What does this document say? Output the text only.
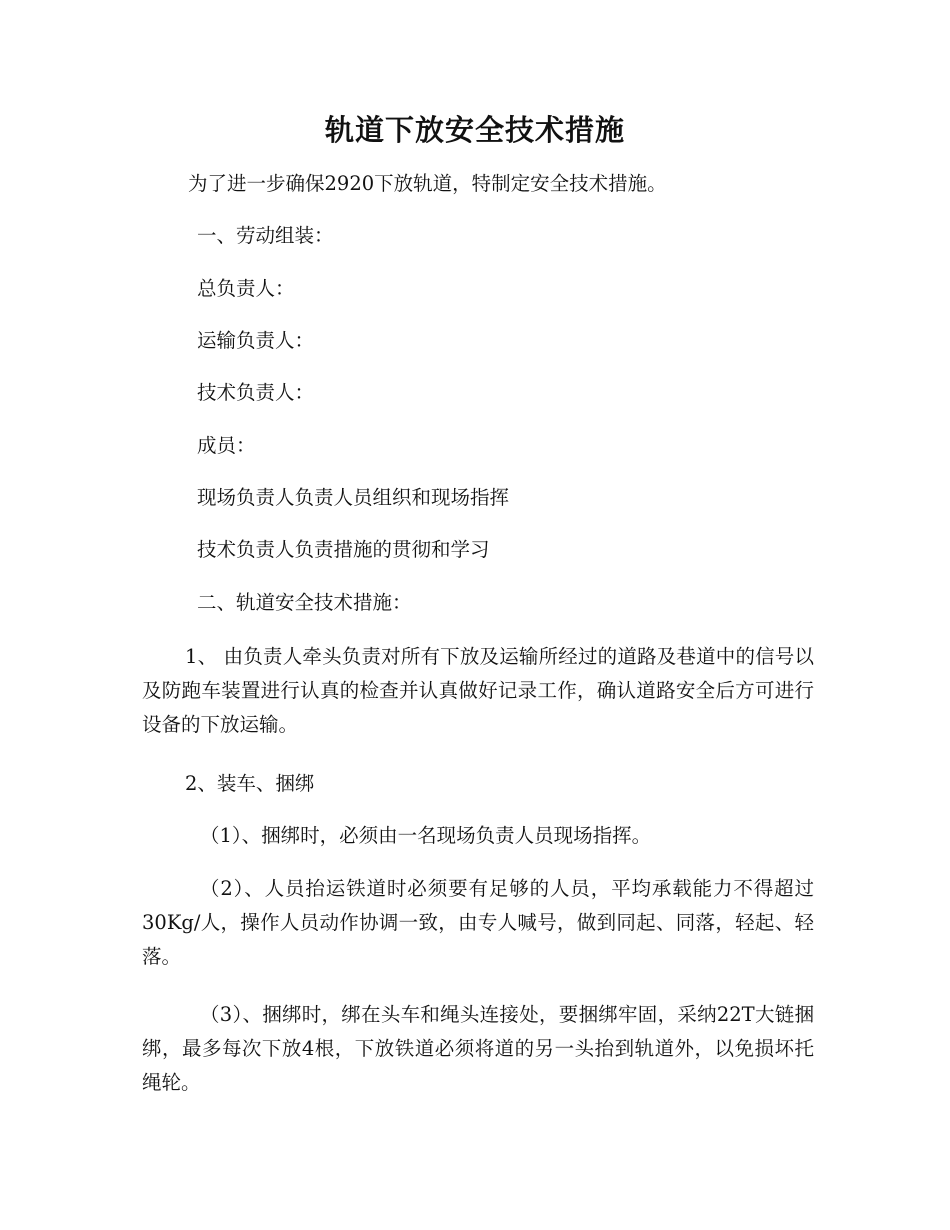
轨道下放安全技术措施
为了进一步确保2920下放轨道，特制定安全技术措施。
一、劳动组装：
总负责人：
运输负责人：
技术负责人：
成员：
现场负责人负责人员组织和现场指挥
技术负责人负责措施的贯彻和学习
二、轨道安全技术措施：
1、 由负责人牵头负责对所有下放及运输所经过的道路及巷道中的信号以及防跑车装置进行认真的检查并认真做好记录工作，确认道路安全后方可进行设备的下放运输。
2、装车、捆绑
（1）、捆绑时，必须由一名现场负责人员现场指挥。
（2）、人员抬运铁道时必须要有足够的人员，平均承载能力不得超过30Kg/人，操作人员动作协调一致，由专人喊号，做到同起、同落，轻起、轻落。
（3）、捆绑时，绑在头车和绳头连接处，要捆绑牢固，采纳22T大链捆绑，最多每次下放4根，下放铁道必须将道的另一头抬到轨道外，以免损坏托绳轮。
